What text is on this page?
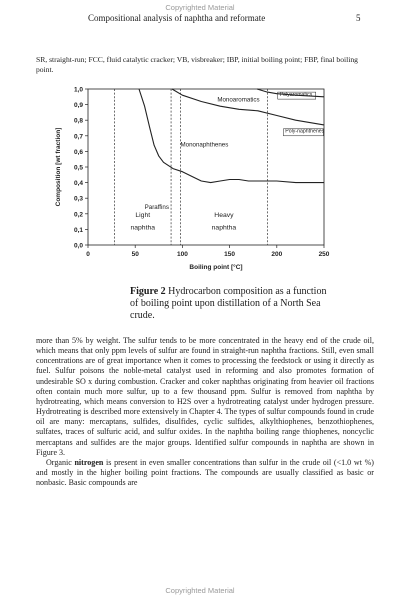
Copyrighted Material
Compositional analysis of naphtha and reformate	5
SR, straight-run; FCC, fluid catalytic cracker; VB, visbreaker; IBP, initial boiling point; FBP, final boiling point.
0,0
0,1
0,2
0,3
0,4
0,5
0,6
0,7
0,8
0,9
1,0
0	50	100	150	200	250
Boiling point [°C]
Composition [wt fraction]
Paraffins
Mononaphthenes
Monoaromatics
Poly-naphthenes
Polyaromatics
Light
naphtha
Heavy
naphtha
Figure 2 Hydrocarbon composition as a function of boiling point upon distillation of a North Sea crude.

more than 5% by weight. The sulfur tends to be more concentrated in the heavy end of the crude oil, which means that only ppm levels of sulfur are found in straight-run naphtha fractions. Still, even small concentrations are of great importance when it comes to processing the feedstock or using it directly as fuel. Sulfur poisons the noble-metal catalyst used in reforming and also promotes formation of undesirable SO x during combustion. Cracker and coker naphthas originating from heavier oil fractions often contain much more sulfur, up to a few thousand ppm. Sulfur is removed from naphtha by hydrotreating, which means conversion to H2S over a hydrotreating catalyst under hydrogen pressure. Hydrotreating is described more extensively in Chapter 4. The types of sulfur compounds found in crude oil are many: mercaptans, sulfides, disulfides, cyclic sulfides, alkylthiophenes, benzothiophenes, sulfates, traces of sulfuric acid, and sulfur oxides. In the naphtha boiling range thiophenes, noncyclic mercaptans and sulfides are the major groups. Identified sulfur compounds in naphtha are shown in Figure 3.

Organic nitrogen is present in even smaller concentrations than sulfur in the crude oil (<1.0 wt %) and mostly in the higher boiling point fractions. The compounds are usually classified as basic or nonbasic. Basic compounds are

Copyrighted Material
